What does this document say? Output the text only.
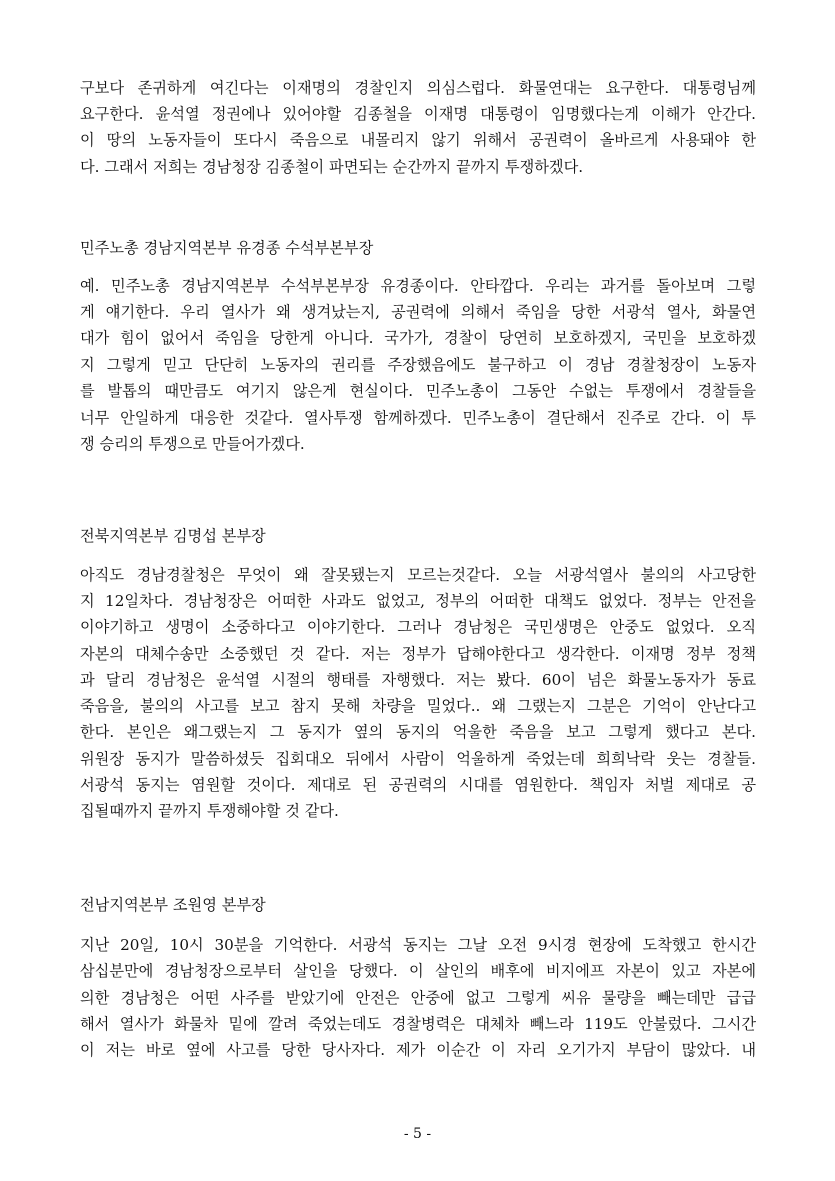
구보다 존귀하게 여긴다는 이재명의 경찰인지 의심스럽다. 화물연대는 요구한다. 대통령님께
요구한다. 윤석열 정권에나 있어야할 김종철을 이재명 대통령이 임명했다는게 이해가 안간다.
이 땅의 노동자들이 또다시 죽음으로 내몰리지 않기 위해서 공권력이 올바르게 사용돼야 한
다. 그래서 저희는 경남청장 김종철이 파면되는 순간까지 끝까지 투쟁하겠다.
민주노총 경남지역본부 유경종 수석부본부장
예. 민주노총 경남지역본부 수석부본부장 유경종이다. 안타깝다. 우리는 과거를 돌아보며 그렇
게 얘기한다. 우리 열사가 왜 생겨났는지, 공권력에 의해서 죽임을 당한 서광석 열사, 화물연
대가 힘이 없어서 죽임을 당한게 아니다. 국가가, 경찰이 당연히 보호하겠지, 국민을 보호하겠
지 그렇게 믿고 단단히 노동자의 권리를 주장했음에도 불구하고 이 경남 경찰청장이 노동자
를 발톱의 때만큼도 여기지 않은게 현실이다. 민주노총이 그동안 수없는 투쟁에서 경찰들을
너무 안일하게 대응한 것같다. 열사투쟁 함께하겠다. 민주노총이 결단해서 진주로 간다. 이 투
쟁 승리의 투쟁으로 만들어가겠다.
전북지역본부 김명섭 본부장
아직도 경남경찰청은 무엇이 왜 잘못됐는지 모르는것같다. 오늘 서광석열사 불의의 사고당한
지 12일차다. 경남청장은 어떠한 사과도 없었고, 정부의 어떠한 대책도 없었다. 정부는 안전을
이야기하고 생명이 소중하다고 이야기한다. 그러나 경남청은 국민생명은 안중도 없었다. 오직
자본의 대체수송만 소중했던 것 같다. 저는 정부가 답해야한다고 생각한다. 이재명 정부 정책
과 달리 경남청은 윤석열 시절의 행태를 자행했다. 저는 봤다. 60이 넘은 화물노동자가 동료
죽음을, 불의의 사고를 보고 참지 못해 차량을 밀었다.. 왜 그랬는지 그분은 기억이 안난다고
한다. 본인은 왜그랬는지 그 동지가 옆의 동지의 억울한 죽음을 보고 그렇게 했다고 본다.
위원장 동지가 말씀하셨듯 집회대오 뒤에서 사람이 억울하게 죽었는데 희희낙락 웃는 경찰들.
서광석 동지는 염원할 것이다. 제대로 된 공권력의 시대를 염원한다. 책임자 처벌 제대로 공
집될때까지 끝까지 투쟁해야할 것 같다.
전남지역본부 조원영 본부장
지난 20일, 10시 30분을 기억한다. 서광석 동지는 그날 오전 9시경 현장에 도착했고 한시간
삼십분만에 경남청장으로부터 살인을 당했다. 이 살인의 배후에 비지에프 자본이 있고 자본에
의한 경남청은 어떤 사주를 받았기에 안전은 안중에 없고 그렇게 씨유 물량을 빼는데만 급급
해서 열사가 화물차 밑에 깔려 죽었는데도 경찰병력은 대체차 빼느라 119도 안불렀다. 그시간
이 저는 바로 옆에 사고를 당한 당사자다. 제가 이순간 이 자리 오기가지 부담이 많았다. 내
- 5 -
